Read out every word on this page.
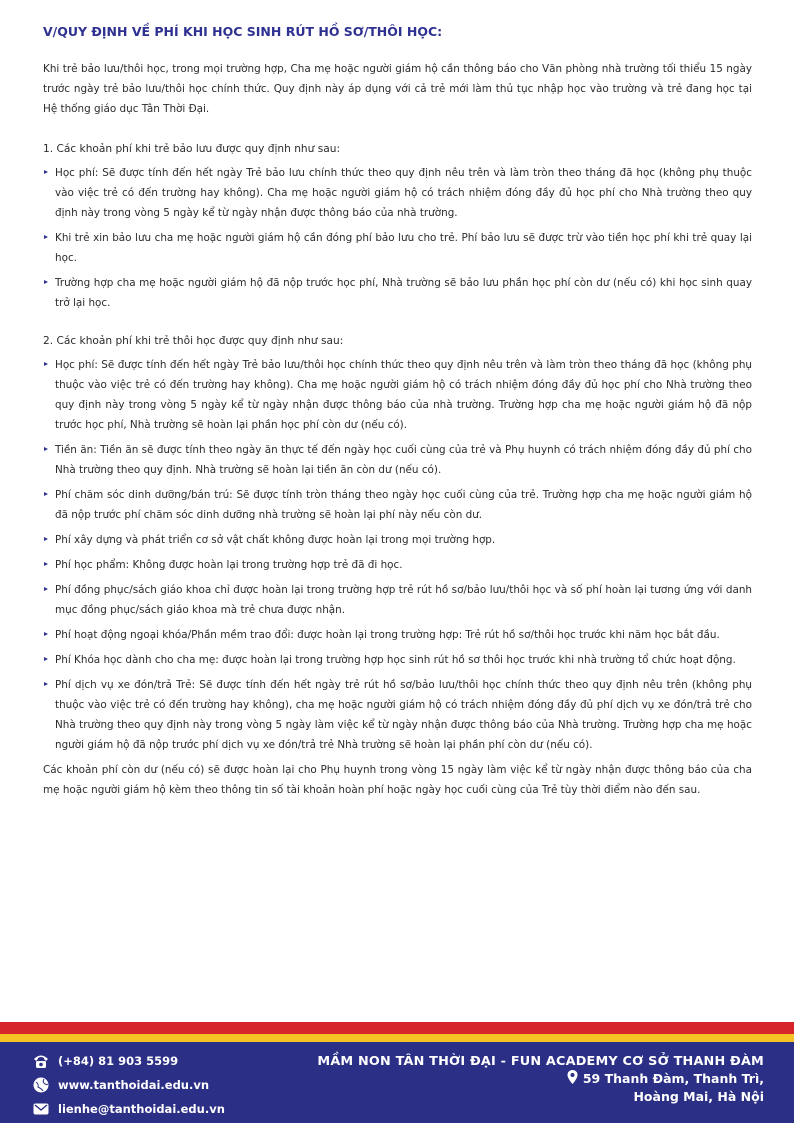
V/QUY ĐỊNH VỀ PHÍ KHI HỌC SINH RÚT HỒ SƠ/THÔI HỌC:

Khi trẻ bảo lưu/thôi học, trong mọi trường hợp, Cha mẹ hoặc người giám hộ cần thông báo cho Văn phòng nhà trường tối thiểu 15 ngày trước ngày trẻ bảo lưu/thôi học chính thức. Quy định này áp dụng với cả trẻ mới làm thủ tục nhập học vào trường và trẻ đang học tại Hệ thống giáo dục Tân Thời Đại.

1. Các khoản phí khi trẻ bảo lưu được quy định như sau:
Học phí: Sẽ được tính đến hết ngày Trẻ bảo lưu chính thức theo quy định nêu trên và làm tròn theo tháng đã học (không phụ thuộc vào việc trẻ có đến trường hay không). Cha mẹ hoặc người giám hộ có trách nhiệm đóng đầy đủ học phí cho Nhà trường theo quy định này trong vòng 5 ngày kể từ ngày nhận được thông báo của nhà trường.
Khi trẻ xin bảo lưu cha mẹ hoặc người giám hộ cần đóng phí bảo lưu cho trẻ. Phí bảo lưu sẽ được trừ vào tiền học phí khi trẻ quay lại học.
Trường hợp cha mẹ hoặc người giám hộ đã nộp trước học phí, Nhà trường sẽ bảo lưu phần học phí còn dư (nếu có) khi học sinh quay trở lại học.
2. Các khoản phí khi trẻ thôi học được quy định như sau:
Học phí: Sẽ được tính đến hết ngày Trẻ bảo lưu/thôi học chính thức theo quy định nêu trên và làm tròn theo tháng đã học (không phụ thuộc vào việc trẻ có đến trường hay không). Cha mẹ hoặc người giám hộ có trách nhiệm đóng đầy đủ học phí cho Nhà trường theo quy định này trong vòng 5 ngày kể từ ngày nhận được thông báo của nhà trường. Trường hợp cha mẹ hoặc người giám hộ đã nộp trước học phí, Nhà trường sẽ hoàn lại phần học phí còn dư (nếu có).
Tiền ăn: Tiền ăn sẽ được tính theo ngày ăn thực tế đến ngày học cuối cùng của trẻ và Phụ huynh có trách nhiệm đóng đầy đủ phí cho Nhà trường theo quy định. Nhà trường sẽ hoàn lại tiền ăn còn dư (nếu có).
Phí chăm sóc dinh dưỡng/bán trú: Sẽ được tính tròn tháng theo ngày học cuối cùng của trẻ. Trường hợp cha mẹ hoặc người giám hộ đã nộp trước phí chăm sóc dinh dưỡng nhà trường sẽ hoàn lại phí này nếu còn dư.
Phí xây dựng và phát triển cơ sở vật chất không được hoàn lại trong mọi trường hợp.
Phí học phẩm: Không được hoàn lại trong trường hợp trẻ đã đi học.
Phí đồng phục/sách giáo khoa chỉ được hoàn lại trong trường hợp trẻ rút hồ sơ/bảo lưu/thôi học và số phí hoàn lại tương ứng với danh mục đồng phục/sách giáo khoa mà trẻ chưa được nhận.
Phí hoạt động ngoại khóa/Phần mềm trao đổi: được hoàn lại trong trường hợp: Trẻ rút hồ sơ/thôi học trước khi năm học bắt đầu.
Phí Khóa học dành cho cha mẹ: được hoàn lại trong trường hợp học sinh rút hồ sơ thôi học trước khi nhà trường tổ chức hoạt động.
Phí dịch vụ xe đón/trả Trẻ: Sẽ được tính đến hết ngày trẻ rút hồ sơ/bảo lưu/thôi học chính thức theo quy định nêu trên (không phụ thuộc vào việc trẻ có đến trường hay không), cha mẹ hoặc người giám hộ có trách nhiệm đóng đầy đủ phí dịch vụ xe đón/trả trẻ cho Nhà trường theo quy định này trong vòng 5 ngày làm việc kể từ ngày nhận được thông báo của Nhà trường. Trường hợp cha mẹ hoặc người giám hộ đã nộp trước phí dịch vụ xe đón/trả trẻ Nhà trường sẽ hoàn lại phần phí còn dư (nếu có).

Các khoản phí còn dư (nếu có) sẽ được hoàn lại cho Phụ huynh trong vòng 15 ngày làm việc kể từ ngày nhận được thông báo của cha mẹ hoặc người giám hộ kèm theo thông tin số tài khoản hoàn phí hoặc ngày học cuối cùng của Trẻ tùy thời điểm nào đến sau.

(+84) 81 903 5599
www.tanthoidai.edu.vn
lienhe@tanthoidai.edu.vn
MẦM NON TÂN THỜI ĐẠI - FUN ACADEMY CƠ SỞ THANH ĐÀM
59 Thanh Đàm, Thanh Trì,
Hoàng Mai, Hà Nội
